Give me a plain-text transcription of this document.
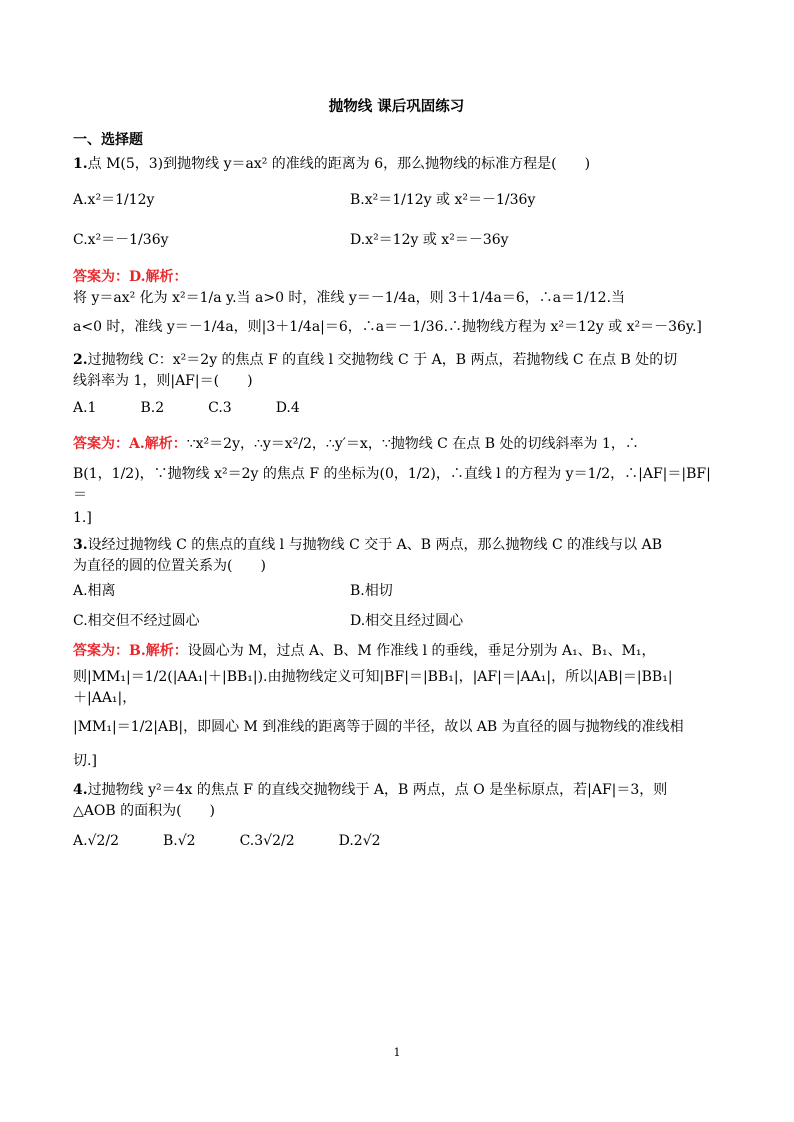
抛物线 课后巩固练习
一、选择题
1.点 M(5，3)到抛物线 y＝ax² 的准线的距离为 6，那么抛物线的标准方程是(　　)
A.x²＝1/12y	B.x²＝1/12y 或 x²＝－1/36y
C.x²＝－1/36y	D.x²＝12y 或 x²＝－36y
答案为： D.解析：
将 y＝ax² 化为 x²＝1/a y.当 a>0 时，准线 y＝－1/4a，则 3＋1/4a＝6，∴a＝1/12.当
a<0 时，准线 y＝－1/4a，则|3＋1/4a|＝6，∴a＝－1/36.∴抛物线方程为 x²＝12y 或 x²＝－36y.]
2.过抛物线 C：x²＝2y 的焦点 F 的直线 l 交抛物线 C 于 A，B 两点，若抛物线 C 在点 B 处的切
线斜率为 1，则|AF|＝(　　)
A.1	B.2	C.3	D.4
答案为： A.解析： ∵x²＝2y，∴y＝x²/2，∴y′＝x，∵抛物线 C 在点 B 处的切线斜率为 1，∴
B(1，1/2)，∵抛物线 x²＝2y 的焦点 F 的坐标为(0，1/2)，∴直线 l 的方程为 y＝1/2，∴|AF|＝|BF|＝
1.]
3.设经过抛物线 C 的焦点的直线 l 与抛物线 C 交于 A、B 两点，那么抛物线 C 的准线与以 AB
为直径的圆的位置关系为(　　)
A.相离	B.相切
C.相交但不经过圆心	D.相交且经过圆心
答案为： B.解析： 设圆心为 M，过点 A、B、M 作准线 l 的垂线，垂足分别为 A₁、B₁、M₁，
则|MM₁|＝1/2(|AA₁|＋|BB₁|).由抛物线定义可知|BF|＝|BB₁|，|AF|＝|AA₁|，所以|AB|＝|BB₁|＋|AA₁|，
|MM₁|＝1/2|AB|，即圆心 M 到准线的距离等于圆的半径，故以 AB 为直径的圆与抛物线的准线相
切.]
4.过抛物线 y²＝4x 的焦点 F 的直线交抛物线于 A，B 两点，点 O 是坐标原点，若|AF|＝3，则
△AOB 的面积为(　　)
A.√2/2	B.√2	C.3√2/2	D.2√2
1
